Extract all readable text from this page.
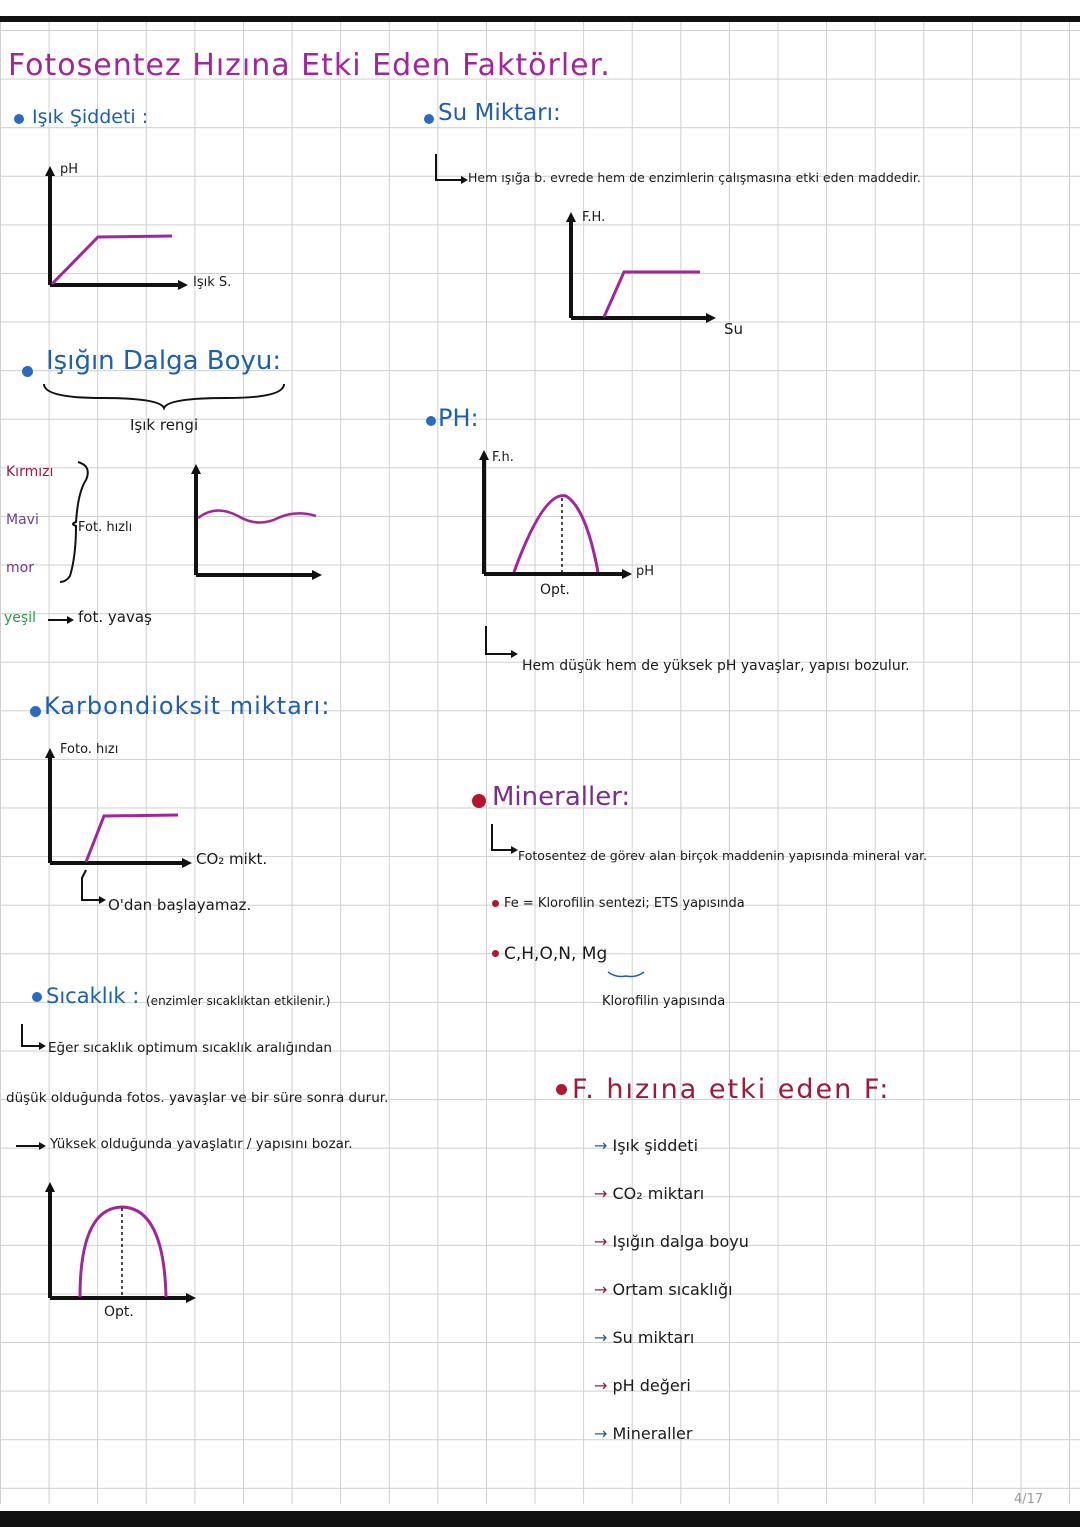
Fotosentez Hızına Etki Eden Faktörler.
Işık Şiddeti :
pH
Işık S.
Su Miktarı:
Hem ışığa b. evrede hem de enzimlerin çalışmasına etki eden maddedir.
F.H.
Su
Işığın Dalga Boyu:
Işık rengi
Kırmızı
Mavi
mor
Fot. hızlı
yeşil	fot. yavaş
PH:
F.h.
pH
Opt.
Hem düşük hem de yüksek pH yavaşlar, yapısı bozulur.
Karbondioksit miktarı:
Foto. hızı
CO₂ mikt.
O'dan başlayamaz.
Mineraller:
Fotosentez de görev alan birçok maddenin yapısında mineral var.
Fe = Klorofilin sentezi; ETS yapısında
C,H,O,N, Mg
Klorofilin yapısında
Sıcaklık : (enzimler sıcaklıktan etkilenir.)
Eğer sıcaklık optimum sıcaklık aralığından
düşük olduğunda fotos. yavaşlar ve bir süre sonra durur.
Yüksek olduğunda yavaşlatır / yapısını bozar.
Opt.
F. hızına etki eden F:
→ Işık şiddeti
→ CO₂ miktarı
→ Işığın dalga boyu
→ Ortam sıcaklığı
→ Su miktarı
→ pH değeri
→ Mineraller
4/17
